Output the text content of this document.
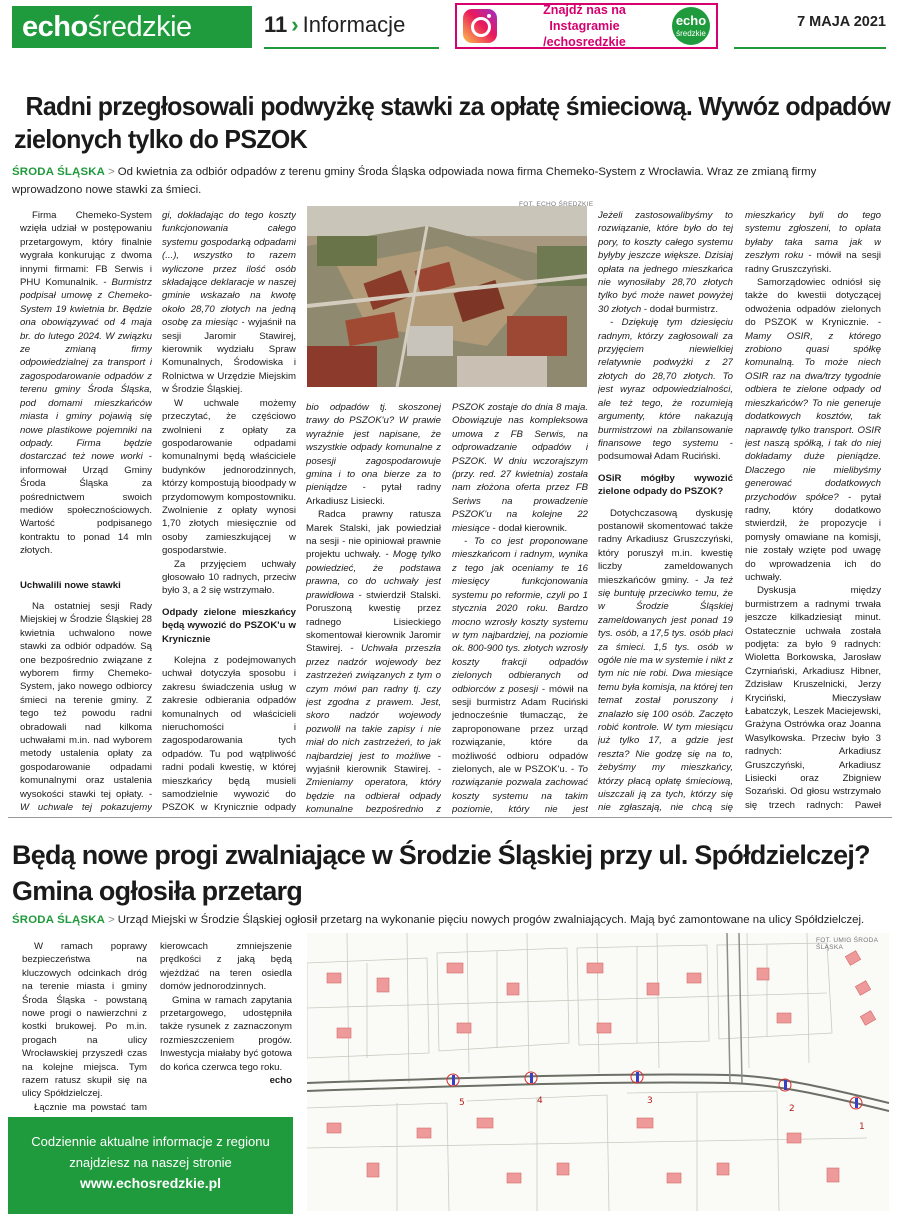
echo średzkie	11 › Informacje
Znajdź nas na Instagramie
/echosredzkie
echo
średzkie
7 MAJA 2021
Radni przegłosowali podwyżkę stawki za opłatę śmieciową. Wywóz odpadów
zielonych tylko do PSZOK
ŚRODA ŚLĄSKA > Od kwietnia za odbiór odpadów z terenu gminy Środa Śląska odpowiada nowa firma Chemeko-System z Wrocławia. Wraz ze zmianą firmy wprowadzono nowe stawki za śmieci.

Firma Chemeko-System wzięła udział w postępowaniu przetargowym, który finalnie wygrała konkurując z dwoma innymi firmami: FB Serwis i PHU Komunalnik. - Burmistrz podpisał umowę z Chemeko-System 19 kwietnia br. Będzie ona obowiązywać od 4 maja br. do lutego 2024. W związku ze zmianą firmy odpowiedzialnej za transport i zagospodarowanie odpadów z terenu gminy Środa Śląska, pod domami mieszkańców miasta i gminy pojawią się nowe plastikowe pojemniki na odpady. Firma będzie dostarczać też nowe worki - informował Urząd Gminy Środa Śląska za pośrednictwem swoich mediów społecznościowych. Wartość podpisanego kontraktu to ponad 14 mln złotych.

Uchwalili nowe stawki

Na ostatniej sesji Rady Miejskiej w Środzie Śląskiej 28 kwietnia uchwalono nowe stawki za odbiór odpadów. Są one bezpośrednio związane z wyborem firmy Chemeko-System, jako nowego odbiorcy śmieci na terenie gminy. Z tego też powodu radni obradowali nad kilkoma uchwałami m.in. nad wyborem metody ustalenia opłaty za gospodarowanie odpadami komunalnymi oraz ustalenia wysokości stawki tej opłaty. - W uchwale tej pokazujemy

gi, dokładając do tego koszty funkcjonowania całego systemu gospodarką odpadami (...), wszystko to razem wyliczone przez ilość osób składające deklaracje w naszej gminie wskazało na kwotę około 28,70 złotych na jedną osobę za miesiąc - wyjaśnił na sesji Jaromir Stawirej, kierownik wydziału Spraw Komunalnych, Środowiska i Rolnictwa w Urzędzie Miejskim w Środzie Śląskiej.

W uchwale możemy przeczytać, że częściowo zwolnieni z opłaty za gospodarowanie odpadami komunalnymi będą właściciele budynków jednorodzinnych, którzy kompostują bioodpady w przydomowym kompostowniku. Zwolnienie z opłaty wynosi 1,70 złotych miesięcznie od osoby zamieszkującej w gospodarstwie.

Za przyjęciem uchwały głosowało 10 radnych, przeciw było 3, a 2 się wstrzymało.

Odpady zielone mieszkańcy będą wywozić do PSZOK'u w Krynicznie

Kolejna z podejmowanych uchwał dotyczyła sposobu i zakresu świadczenia usług w zakresie odbierania odpadów komunalnych od właścicieli nieruchomości i zagospodarowania tych odpadów. Tu pod wątpliwość radni podali kwestię, w której mieszkańcy będą musieli samodzielnie wywozić do PSZOK w Krynicznie odpady

FOT. ECHO ŚREDZKIE

bio odpadów tj. skoszonej trawy do PSZOK'u? W prawie wyraźnie jest napisane, że wszystkie odpady komunalne z posesji zagospodarowuje gmina i to ona bierze za to pieniądze - pytał radny Arkadiusz Lisiecki.

Radca prawny ratusza Marek Stalski, jak powiedział na sesji - nie opiniował prawnie projektu uchwały. - Mogę tylko powiedzieć, że podstawa prawna, co do uchwały jest prawidłowa - stwierdził Stalski. Poruszoną kwestię przez radnego Lisieckiego skomentował kierownik Jaromir Stawirej. - Uchwała przeszła przez nadzór wojewody bez zastrzeżeń związanych z tym o czym mówi pan radny tj. czy jest zgodna z prawem. Jest, skoro nadzór wojewody pozwolił na takie zapisy i nie miał do nich zastrzeżeń, to jak najbardziej jest to możliwe - wyjaśnił kierownik Stawirej. - Zmieniamy operatora, który będzie na odbierał odpady komunalne bezpośrednio z

PSZOK zostaje do dnia 8 maja. Obowiązuje nas kompleksowa umowa z FB Serwis, na odprowadzanie odpadów i PSZOK. W dniu wczorajszym (przy. red. 27 kwietnia) została nam złożona oferta przez FB Seriws na prowadzenie PSZOK'u na kolejne 22 miesiące - dodał kierownik.

- To co jest proponowane mieszkańcom i radnym, wynika z tego jak oceniamy te 16 miesięcy funkcjonowania systemu po reformie, czyli po 1 stycznia 2020 roku. Bardzo mocno wzrosły koszty systemu w tym najbardziej, na poziomie ok. 800-900 tys. złotych wzrosły koszty frakcji odpadów zielonych odbieranych od odbiorców z posesji - mówił na sesji burmistrz Adam Ruciński jednocześnie tłumacząc, że zaproponowane przez urząd rozwiązanie, które da możliwość odbioru odpadów zielonych, ale w PSZOK'u. - To rozwiązanie pozwala zachować koszty systemu na takim poziomie, który nie jest

Jeżeli zastosowalibyśmy to rozwiązanie, które było do tej pory, to koszty całego systemu byłyby jeszcze większe. Dzisiaj opłata na jednego mieszkańca nie wynosiłaby 28,70 złotych tylko być może nawet powyżej 30 złotych - dodał burmistrz.

- Dziękuję tym dziesięciu radnym, którzy zagłosowali za przyjęciem niewielkiej relatywnie podwyżki z 27 złotych do 28,70 złotych. To jest wyraz odpowiedzialności, ale też tego, że rozumieją argumenty, które nakazują burmistrzowi na zbilansowanie finansowe tego systemu - podsumował Adam Ruciński.

OSiR mógłby wywozić zielone odpady do PSZOK?

Dotychczasową dyskusję postanowił skomentować także radny Arkadiusz Gruszczyński, który poruszył m.in. kwestię liczby zameldowanych mieszkańców gminy. - Ja też się buntuję przeciwko temu, że w Środzie Śląskiej zameldowanych jest ponad 19 tys. osób, a 17,5 tys. osób płaci za śmieci. 1,5 tys. osób w ogóle nie ma w systemie i nikt z tym nic nie robi. Dwa miesiące temu była komisja, na której ten temat został poruszony i znalazło się 100 osób. Zaczęto robić kontrole. W tym miesiącu już tylko 17, a gdzie jest reszta? Nie godzę się na to, żebyśmy my mieszkańcy, którzy płacą opłatę śmieciową, uiszczali ją za tych, którzy się nie zgłaszają, nie chcą się

mieszkańcy byli do tego systemu zgłoszeni, to opłata byłaby taka sama jak w zeszłym roku - mówił na sesji radny Gruszczyński.

Samorządowiec odniósł się także do kwestii dotyczącej odwożenia odpadów zielonych do PSZOK w Krynicznie. - Mamy OSIR, z którego zrobiono quasi spółkę komunalną. To może niech OSIR raz na dwa/trzy tygodnie odbiera te zielone odpady od mieszkańców? To nie generuje dodatkowych kosztów, tak naprawdę tylko transport. OSIR jest naszą spółką, i tak do niej dokładamy duże pieniądze. Dlaczego nie mielibyśmy generować dodatkowych przychodów spółce? - pytał radny, który dodatkowo stwierdził, że propozycje i pomysły omawiane na komisji, nie zostały wzięte pod uwagę do wprowadzenia ich do uchwały.

Dyskusja między burmistrzem a radnymi trwała jeszcze kilkadziesiąt minut. Ostatecznie uchwała została podjęta: za było 9 radnych: Wioletta Borkowska, Jarosław Czyrniański, Arkadiusz Hibner, Zdzisław Kruszelnicki, Jerzy Kryciński, Mieczysław Łabatczyk, Leszek Maciejewski, Grażyna Ostrówka oraz Joanna Wasylkowska. Przeciw było 3 radnych: Arkadiusz Gruszczyński, Arkadiusz Lisiecki oraz Zbigniew Sozański. Od głosu wstrzymało się trzech radnych: Paweł

Będą nowe progi zwalniające w Środzie Śląskiej przy ul. Spółdzielczej?
Gmina ogłosiła przetarg
ŚRODA ŚLĄSKA > Urząd Miejski w Środzie Śląskiej ogłosił przetarg na wykonanie pięciu nowych progów zwalniających. Mają być zamontowane na ulicy Spółdzielczej.

W ramach poprawy bezpieczeństwa na kluczowych odcinkach dróg na terenie miasta i gminy Środa Śląska - powstaną nowe progi o nawierzchni z kostki brukowej. Po m.in. progach na ulicy Wrocławskiej przyszedł czas na kolejne miejsca. Tym razem ratusz skupił się na ulicy Spółdzielczej.

Łącznie ma powstać tam

kierowcach zmniejszenie prędkości z jaką będą wjeżdżać na teren osiedla domów jednorodzinnych.

Gmina w ramach zapytania przetargowego, udostępniła także rysunek z zaznaczonym rozmieszczeniem progów. Inwestycja miałaby być gotowa do końca czerwca tego roku.

echo

5	4	3
2
1
FOT. UMIG ŚRODA ŚLĄSKA
Codziennie aktualne informacje z regionu
znajdziesz na naszej stronie
www.echosredzkie.pl
